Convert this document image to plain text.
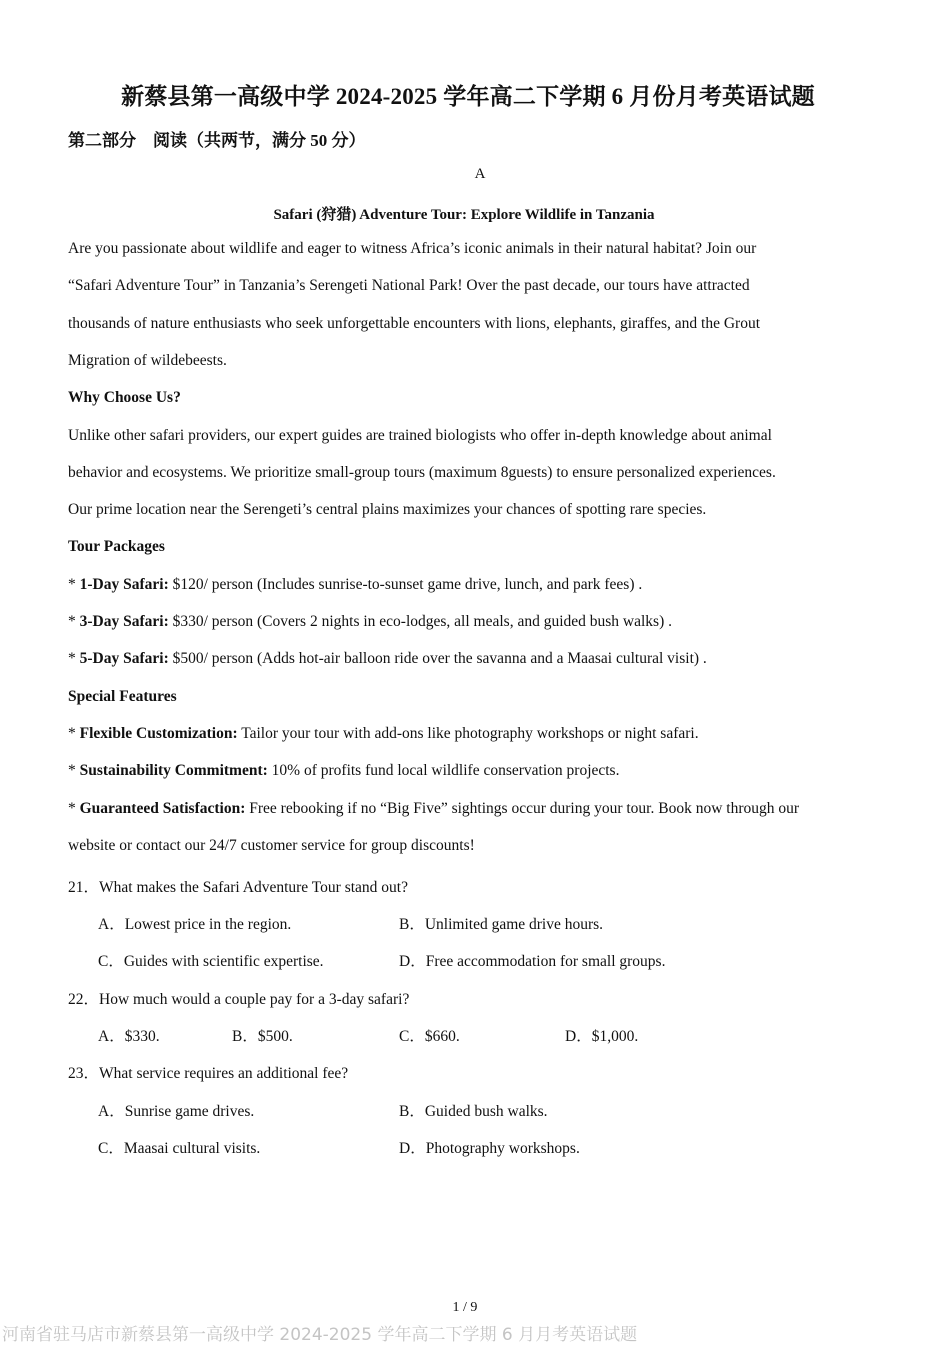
新蔡县第一高级中学 2024-2025 学年高二下学期 6 月份月考英语试题
第二部分　阅读（共两节，满分 50 分）
A
Safari (狩猎) Adventure Tour: Explore Wildlife in Tanzania
Are you passionate about wildlife and eager to witness Africa’s iconic animals in their natural habitat? Join our
“Safari Adventure Tour” in Tanzania’s Serengeti National Park! Over the past decade, our tours have attracted
thousands of nature enthusiasts who seek unforgettable encounters with lions, elephants, giraffes, and the Grout
Migration of wildebeests.
Why Choose Us?
Unlike other safari providers, our expert guides are trained biologists who offer in-depth knowledge about animal
behavior and ecosystems. We prioritize small-group tours (maximum 8guests) to ensure personalized experiences.
Our prime location near the Serengeti’s central plains maximizes your chances of spotting rare species.
Tour Packages
* 1-Day Safari: $120/ person (Includes sunrise-to-sunset game drive, lunch, and park fees) .
* 3-Day Safari: $330/ person (Covers 2 nights in eco-lodges, all meals, and guided bush walks) .
* 5-Day Safari: $500/ person (Adds hot-air balloon ride over the savanna and a Maasai cultural visit) .
Special Features
* Flexible Customization: Tailor your tour with add-ons like photography workshops or night safari.
* Sustainability Commitment: 10% of profits fund local wildlife conservation projects.
* Guaranteed Satisfaction: Free rebooking if no “Big Five” sightings occur during your tour. Book now through our
website or contact our 24/7 customer service for group discounts!
21．What makes the Safari Adventure Tour stand out?
A．Lowest price in the region.	B．Unlimited game drive hours.
C．Guides with scientific expertise.	D．Free accommodation for small groups.
22．How much would a couple pay for a 3-day safari?
A．$330.	B．$500.	C．$660.	D．$1,000.
23．What service requires an additional fee?
A．Sunrise game drives.	B．Guided bush walks.
C．Maasai cultural visits.	D．Photography workshops.
1 / 9
河南省驻马店市新蔡县第一高级中学 2024-2025 学年高二下学期 6 月月考英语试题
